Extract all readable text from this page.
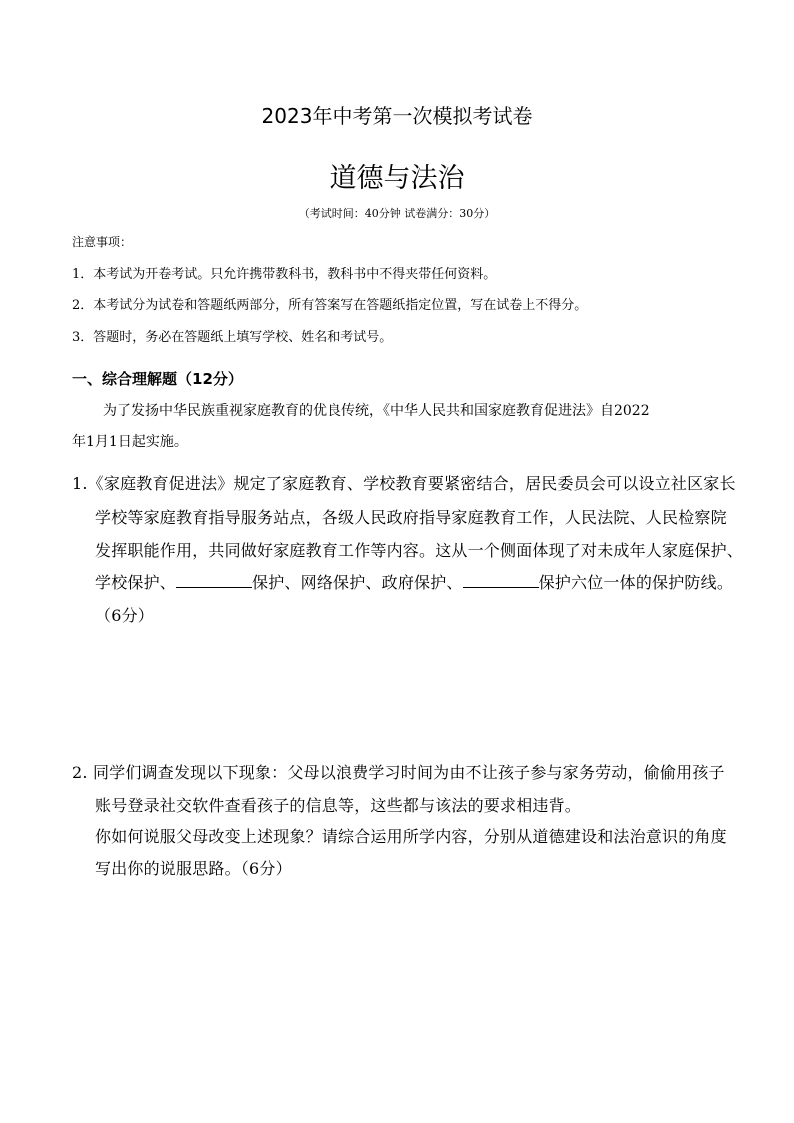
2023年中考第一次模拟考试卷
道德与法治
（考试时间：40分钟 试卷满分：30分）
注意事项：
1．本考试为开卷考试。只允许携带教科书，教科书中不得夹带任何资料。
2．本考试分为试卷和答题纸两部分，所有答案写在答题纸指定位置，写在试卷上不得分。
3．答题时，务必在答题纸上填写学校、姓名和考试号。
一、综合理解题（12分）
为了发扬中华民族重视家庭教育的优良传统，《中华人民共和国家庭教育促进法》自2022
年1月1日起实施。
1.《家庭教育促进法》规定了家庭教育、学校教育要紧密结合，居民委员会可以设立社区家长
学校等家庭教育指导服务站点，各级人民政府指导家庭教育工作，人民法院、人民检察院
发挥职能作用，共同做好家庭教育工作等内容。这从一个侧面体现了对未成年人家庭保护、
学校保护、	保护、网络保护、政府保护、	保护六位一体的保护防线。
（6分）
2. 同学们调查发现以下现象：父母以浪费学习时间为由不让孩子参与家务劳动，偷偷用孩子
账号登录社交软件查看孩子的信息等，这些都与该法的要求相违背。
你如何说服父母改变上述现象？请综合运用所学内容，分别从道德建设和法治意识的角度
写出你的说服思路。（6分）
